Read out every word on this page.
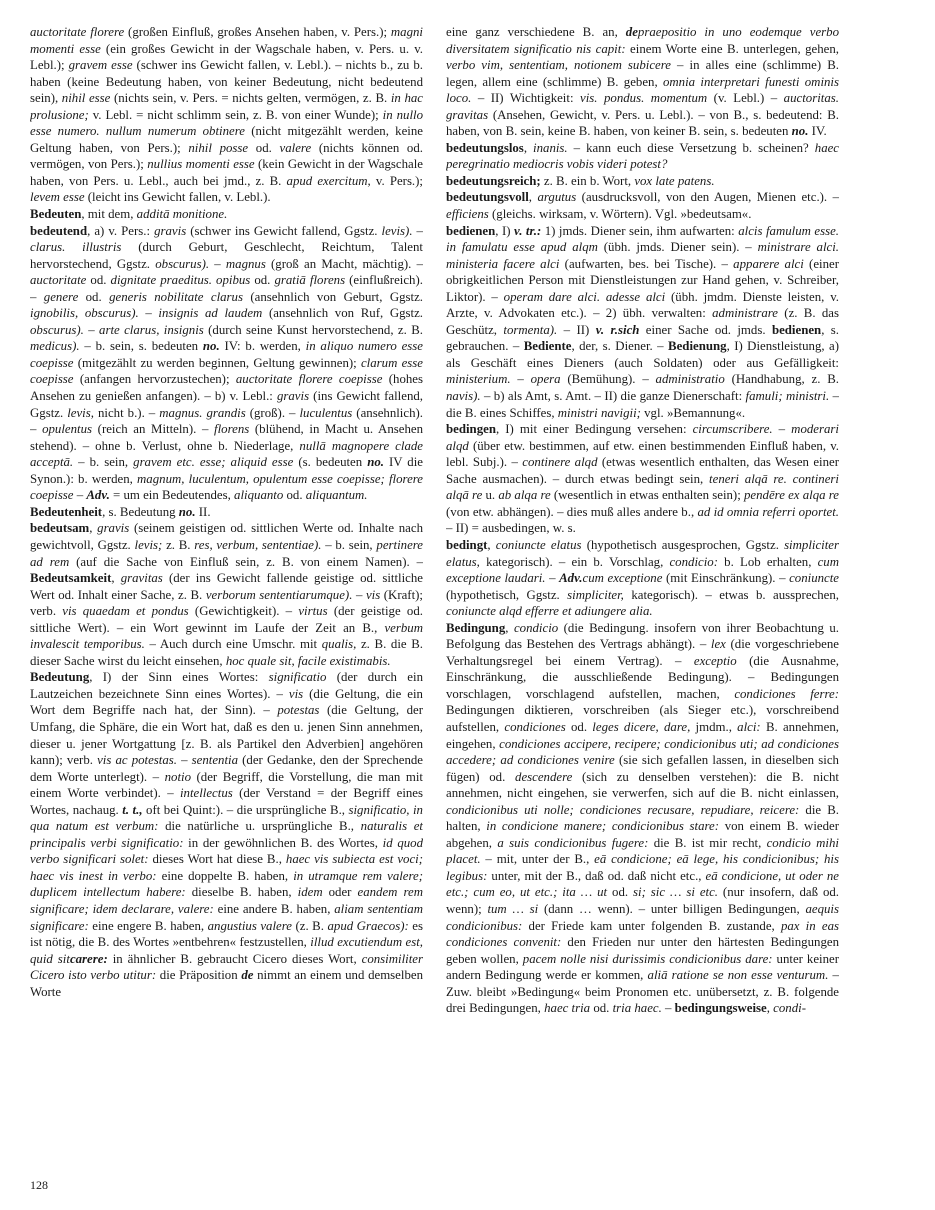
auctoritate florere (großen Einfluß, großes Ansehen haben, v. Pers.); magni momenti esse (ein großes Gewicht in der Wagschale haben, v. Pers. u. v. Lebl.); gravem esse (schwer ins Gewicht fallen, v. Lebl.). – nichts b., zu b. haben (keine Bedeutung haben, von keiner Bedeutung, nicht bedeutend sein), nihil esse (nichts sein, v. Pers. = nichts gelten, vermögen, z. B. in hac prolusione; v. Lebl. = nicht schlimm sein, z. B. von einer Wunde); in nullo esse numero. nullum numerum obtinere (nicht mitgezählt werden, keine Geltung haben, von Pers.); nihil posse od. valere (nichts können od. vermögen, von Pers.); nullius momenti esse (kein Gewicht in der Wagschale haben, von Pers. u. Lebl., auch bei jmd., z. B. apud exercitum, v. Pers.); levem esse (leicht ins Gewicht fallen, v. Lebl.).

Bedeuten, mit dem, additā monitione.

bedeutend, a) v. Pers.: gravis (schwer ins Gewicht fallend, Ggstz. levis). – clarus. illustris (durch Geburt, Geschlecht, Reichtum, Talent hervorstechend, Ggstz. obscurus). – magnus (groß an Macht, mächtig). – auctoritate od. dignitate praeditus. opibus od. gratiā florens (einflußreich). – genere od. generis nobilitate clarus (ansehnlich von Geburt, Ggstz. ignobilis, obscurus). – insignis ad laudem (ansehnlich von Ruf, Ggstz. obscurus). – arte clarus, insignis (durch seine Kunst hervorstechend, z. B. medicus). – b. sein, s. bedeuten no. IV: b. werden, in aliquo numero esse coepisse (mitgezählt zu werden beginnen, Geltung gewinnen); clarum esse coepisse (anfangen hervorzustechen); auctoritate florere coepisse (hohes Ansehen zu genießen anfangen). – b) v. Lebl.: gravis (ins Gewicht fallend, Ggstz. levis, nicht b.). – magnus. grandis (groß). – luculentus (ansehnlich). – opulentus (reich an Mitteln). – florens (blühend, in Macht u. Ansehen stehend). – ohne b. Verlust, ohne b. Niederlage, nullā magnopere clade acceptā. – b. sein, gravem etc. esse; aliquid esse (s. bedeuten no. IV die Synon.): b. werden, magnum, luculentum, opulentum esse coepisse; florere coepisse – Adv. = um ein Bedeutendes, aliquanto od. aliquantum.

Bedeutenheit, s. Bedeutung no. II.

bedeutsam, gravis (seinem geistigen od. sittlichen Werte od. Inhalte nach gewichtvoll, Ggstz. levis; z. B. res, verbum, sententiae). – b. sein, pertinere ad rem (auf die Sache von Einfluß sein, z. B. von einem Namen). – Bedeutsamkeit, gravitas (der ins Gewicht fallende geistige od. sittliche Wert od. Inhalt einer Sache, z. B. verborum sententiarumque). – vis (Kraft); verb. vis quaedam et pondus (Gewichtigkeit). – virtus (der geistige od. sittliche Wert). – ein Wort gewinnt im Laufe der Zeit an B., verbum invalescit temporibus. – Auch durch eine Umschr. mit qualis, z. B. die B. dieser Sache wirst du leicht einsehen, hoc quale sit, facile existimabis.

Bedeutung, I) der Sinn eines Wortes: significatio (der durch ein Lautzeichen bezeichnete Sinn eines Wortes). – vis (die Geltung, die ein Wort dem Begriffe nach hat, der Sinn). – potestas (die Geltung, der Umfang, die Sphäre, die ein Wort hat, daß es den u. jenen Sinn annehmen, dieser u. jener Wortgattung [z. B. als Partikel den Adverbien] angehören kann); verb. vis ac potestas. – sententia (der Gedanke, den der Sprechende dem Worte unterlegt). – notio (der Begriff, die Vorstellung, die man mit einem Worte verbindet). – intellectus (der Verstand = der Begriff eines Wortes, nachaug. t. t., oft bei Quint:). – die ursprüngliche B., significatio, in qua natum est verbum: die natürliche u. ursprüngliche B., naturalis et principalis verbi significatio: in der gewöhnlichen B. des Wortes, id quod verbo significari solet: dieses Wort hat diese B., haec vis subiecta est voci; haec vis inest in verbo: eine doppelte B. haben, in utramque rem valere; duplicem intellectum habere: dieselbe B. haben, idem oder eandem rem significare; idem declarare, valere: eine andere B. haben, aliam sententiam significare: eine engere B. haben, angustius valere (z. B. apud Graecos): es ist nötig, die B. des Wortes »entbehren« festzustellen, illud excutiendum est, quid sitcarere: in ähnlicher B. gebraucht Cicero dieses Wort, consimiliter Cicero isto verbo utitur: die Präposition de nimmt an einem und demselben Worte

eine ganz verschiedene B. an, depraepositio in uno eodemque verbo diversitatem significatio nis capit: einem Worte eine B. unterlegen, gehen, verbo vim, sententiam, notionem subicere – in alles eine (schlimme) B. legen, allem eine (schlimme) B. geben, omnia interpretari funesti ominis loco. – II) Wichtigkeit: vis. pondus. momentum (v. Lebl.) – auctoritas. gravitas (Ansehen, Gewicht, v. Pers. u. Lebl.). – von B., s. bedeutend: B. haben, von B. sein, keine B. haben, von keiner B. sein, s. bedeuten no. IV.

bedeutungslos, inanis. – kann euch diese Versetzung b. scheinen? haec peregrinatio mediocris vobis videri potest?

bedeutungsreich; z. B. ein b. Wort, vox late patens.

bedeutungsvoll, argutus (ausdrucksvoll, von den Augen, Mienen etc.). – efficiens (gleichs. wirksam, v. Wörtern). Vgl. »bedeutsam«.

bedienen, I) v. tr.: 1) jmds. Diener sein, ihm aufwarten: alcis famulum esse. in famulatu esse apud alqm (übh. jmds. Diener sein). – ministrare alci. ministeria facere alci (aufwarten, bes. bei Tische). – apparere alci (einer obrigkeitlichen Person mit Dienstleistungen zur Hand gehen, v. Schreiber, Liktor). – operam dare alci. adesse alci (übh. jmdm. Dienste leisten, v. Arzte, v. Advokaten etc.). – 2) übh. verwalten: administrare (z. B. das Geschütz, tormenta). – II) v. r.sich einer Sache od. jmds. bedienen, s. gebrauchen. – Bediente, der, s. Diener. – Bedienung, I) Dienstleistung, a) als Geschäft eines Dieners (auch Soldaten) oder aus Gefälligkeit: ministerium. – opera (Bemühung). – administratio (Handhabung, z. B. navis). – b) als Amt, s. Amt. – II) die ganze Dienerschaft: famuli; ministri. – die B. eines Schiffes, ministri navigii; vgl. »Bemannung«.

bedingen, I) mit einer Bedingung versehen: circumscribere. – moderari alqd (über etw. bestimmen, auf etw. einen bestimmenden Einfluß haben, v. lebl. Subj.). – continere alqd (etwas wesentlich enthalten, das Wesen einer Sache ausmachen). – durch etwas bedingt sein, teneri alqā re. contineri alqā re u. ab alqa re (wesentlich in etwas enthalten sein); pendēre ex alqa re (von etw. abhängen). – dies muß alles andere b., ad id omnia referri oportet. – II) = ausbedingen, w. s.

bedingt, coniuncte elatus (hypothetisch ausgesprochen, Ggstz. simpliciter elatus, kategorisch). – ein b. Vorschlag, condicio: b. Lob erhalten, cum exceptione laudari. – Adv.cum exceptione (mit Einschränkung). – coniuncte (hypothetisch, Ggstz. simpliciter, kategorisch). – etwas b. aussprechen, coniuncte alqd efferre et adiungere alia.

Bedingung, condicio (die Bedingung. insofern von ihrer Beobachtung u. Befolgung das Bestehen des Vertrags abhängt). – lex (die vorgeschriebene Verhaltungsregel bei einem Vertrag). – exceptio (die Ausnahme, Einschränkung, die ausschließende Bedingung). – Bedingungen vorschlagen, vorschlagend aufstellen, machen, condiciones ferre: Bedingungen diktieren, vorschreiben (als Sieger etc.), vorschreibend aufstellen, condiciones od. leges dicere, dare, jmdm., alci: B. annehmen, eingehen, condiciones accipere, recipere; condicionibus uti; ad condiciones accedere; ad condiciones venire (sie sich gefallen lassen, in dieselben sich fügen) od. descendere (sich zu denselben verstehen): die B. nicht annehmen, nicht eingehen, sie verwerfen, sich auf die B. nicht einlassen, condicionibus uti nolle; condiciones recusare, repudiare, reicere: die B. halten, in condicione manere; condicionibus stare: von einem B. wieder abgehen, a suis condicionibus fugere: die B. ist mir recht, condicio mihi placet. – mit, unter der B., eā condicione; eā lege, his condicionibus; his legibus: unter, mit der B., daß od. daß nicht etc., eā condicione, ut oder ne etc.; cum eo, ut etc.; ita … ut od. si; sic … si etc. (nur insofern, daß od. wenn); tum … si (dann … wenn). – unter billigen Bedingungen, aequis condicionibus: der Friede kam unter folgenden B. zustande, pax in eas condiciones convenit: den Frieden nur unter den härtesten Bedingungen geben wollen, pacem nolle nisi durissimis condicionibus dare: unter keiner andern Bedingung werde er kommen, aliā ratione se non esse venturum. – Zuw. bleibt »Bedingung« beim Pronomen etc. unübersetzt, z. B. folgende drei Bedingungen, haec tria od. tria haec. – bedingungsweise, condi-

128
